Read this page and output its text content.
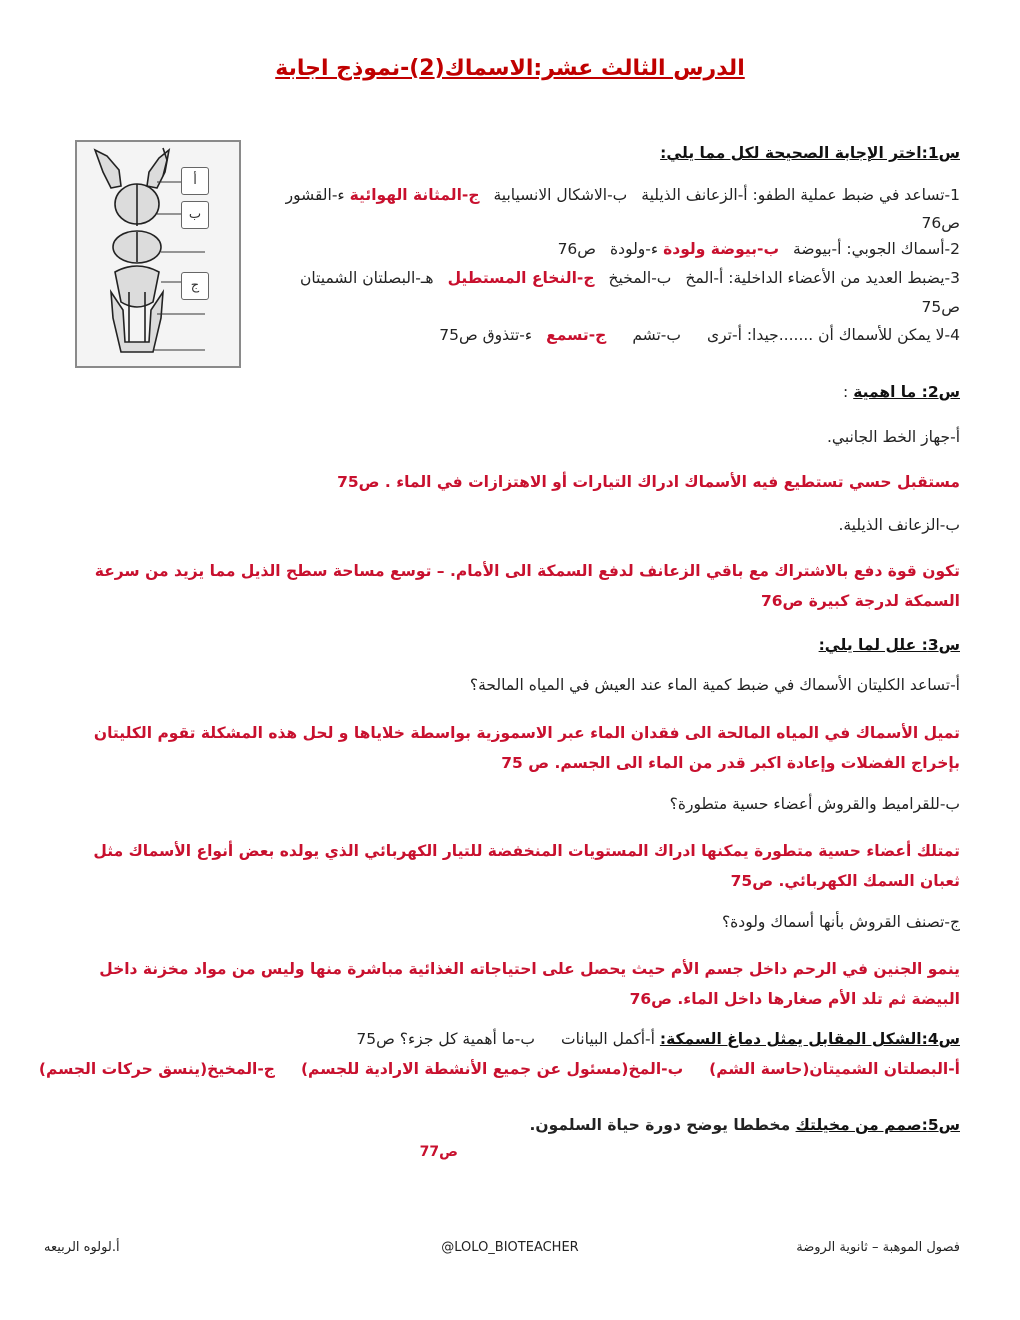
الدرس الثالث عشر:الاسماك(2)-نموذج اجابة
أ
ب
ج
س1:اختر الإجابة الصحيحة لكل مما يلي:
1-تساعد في ضبط عملية الطفو: أ-الزعانف الذيليةب-الاشكال الانسيابيةج-المثانة الهوائية ء-القشور
ص76
2-أسماك الجوبي: أ-بيوضةب-بيوضة ولودة ء-ولودةص76
3-يضبط العديد من الأعضاء الداخلية: أ-المخب-المخيخج-النخاع المستطيلهـ-البصلتان الشميتان
ص75
4-لا يمكن للأسماك أن .......جيدا: أ-ترىب-تشمج-تسمعء-تتذوق ص75
س2: ما اهمية :
أ-جهاز الخط الجانبي.
مستقبل حسي تستطيع فيه الأسماك ادراك التيارات أو الاهتزازات في الماء . ص75
ب-الزعانف الذيلية.
تكون قوة دفع بالاشتراك مع باقي الزعانف لدفع السمكة الى الأمام. – توسع مساحة سطح الذيل مما يزيد من سرعة السمكة لدرجة كبيرة ص76
س3: علل لما يلي:
أ-تساعد الكليتان الأسماك في ضبط كمية الماء عند العيش في المياه المالحة؟
تميل الأسماك في المياه المالحة الى فقدان الماء عبر الاسموزية بواسطة خلاياها و لحل هذه المشكلة تقوم الكليتان بإخراج الفضلات وإعادة اكبر قدر من الماء الى الجسم. ص 75
ب-للقراميط والقروش أعضاء حسية متطورة؟
تمتلك أعضاء حسية متطورة يمكنها ادراك المستويات المنخفضة للتيار الكهربائي الذي يولده بعض أنواع الأسماك مثل ثعبان السمك الكهربائي. ص75
ج-تصنف القروش بأنها أسماك ولودة؟
ينمو الجنين في الرحم داخل جسم الأم حيث يحصل على احتياجاته الغذائية مباشرة منها وليس من مواد مخزنة داخل البيضة ثم تلد الأم صغارها داخل الماء. ص76
س4:الشكل المقابل يمثل دماغ السمكة: أ-أكمل البياناتب-ما أهمية كل جزء؟ ص75
أ-البصلتان الشميتان(حاسة الشم)ب-المخ(مسئول عن جميع الأنشطة الارادية للجسم)ج-المخيخ(ينسق حركات الجسم)
س5:صمم من مخيلتك مخططا يوضح دورة حياة السلمون.
ص77
فصول الموهبة – ثانوية الروضة
@LOLO_BIOTEACHER
أ.لولوه الربيعه
